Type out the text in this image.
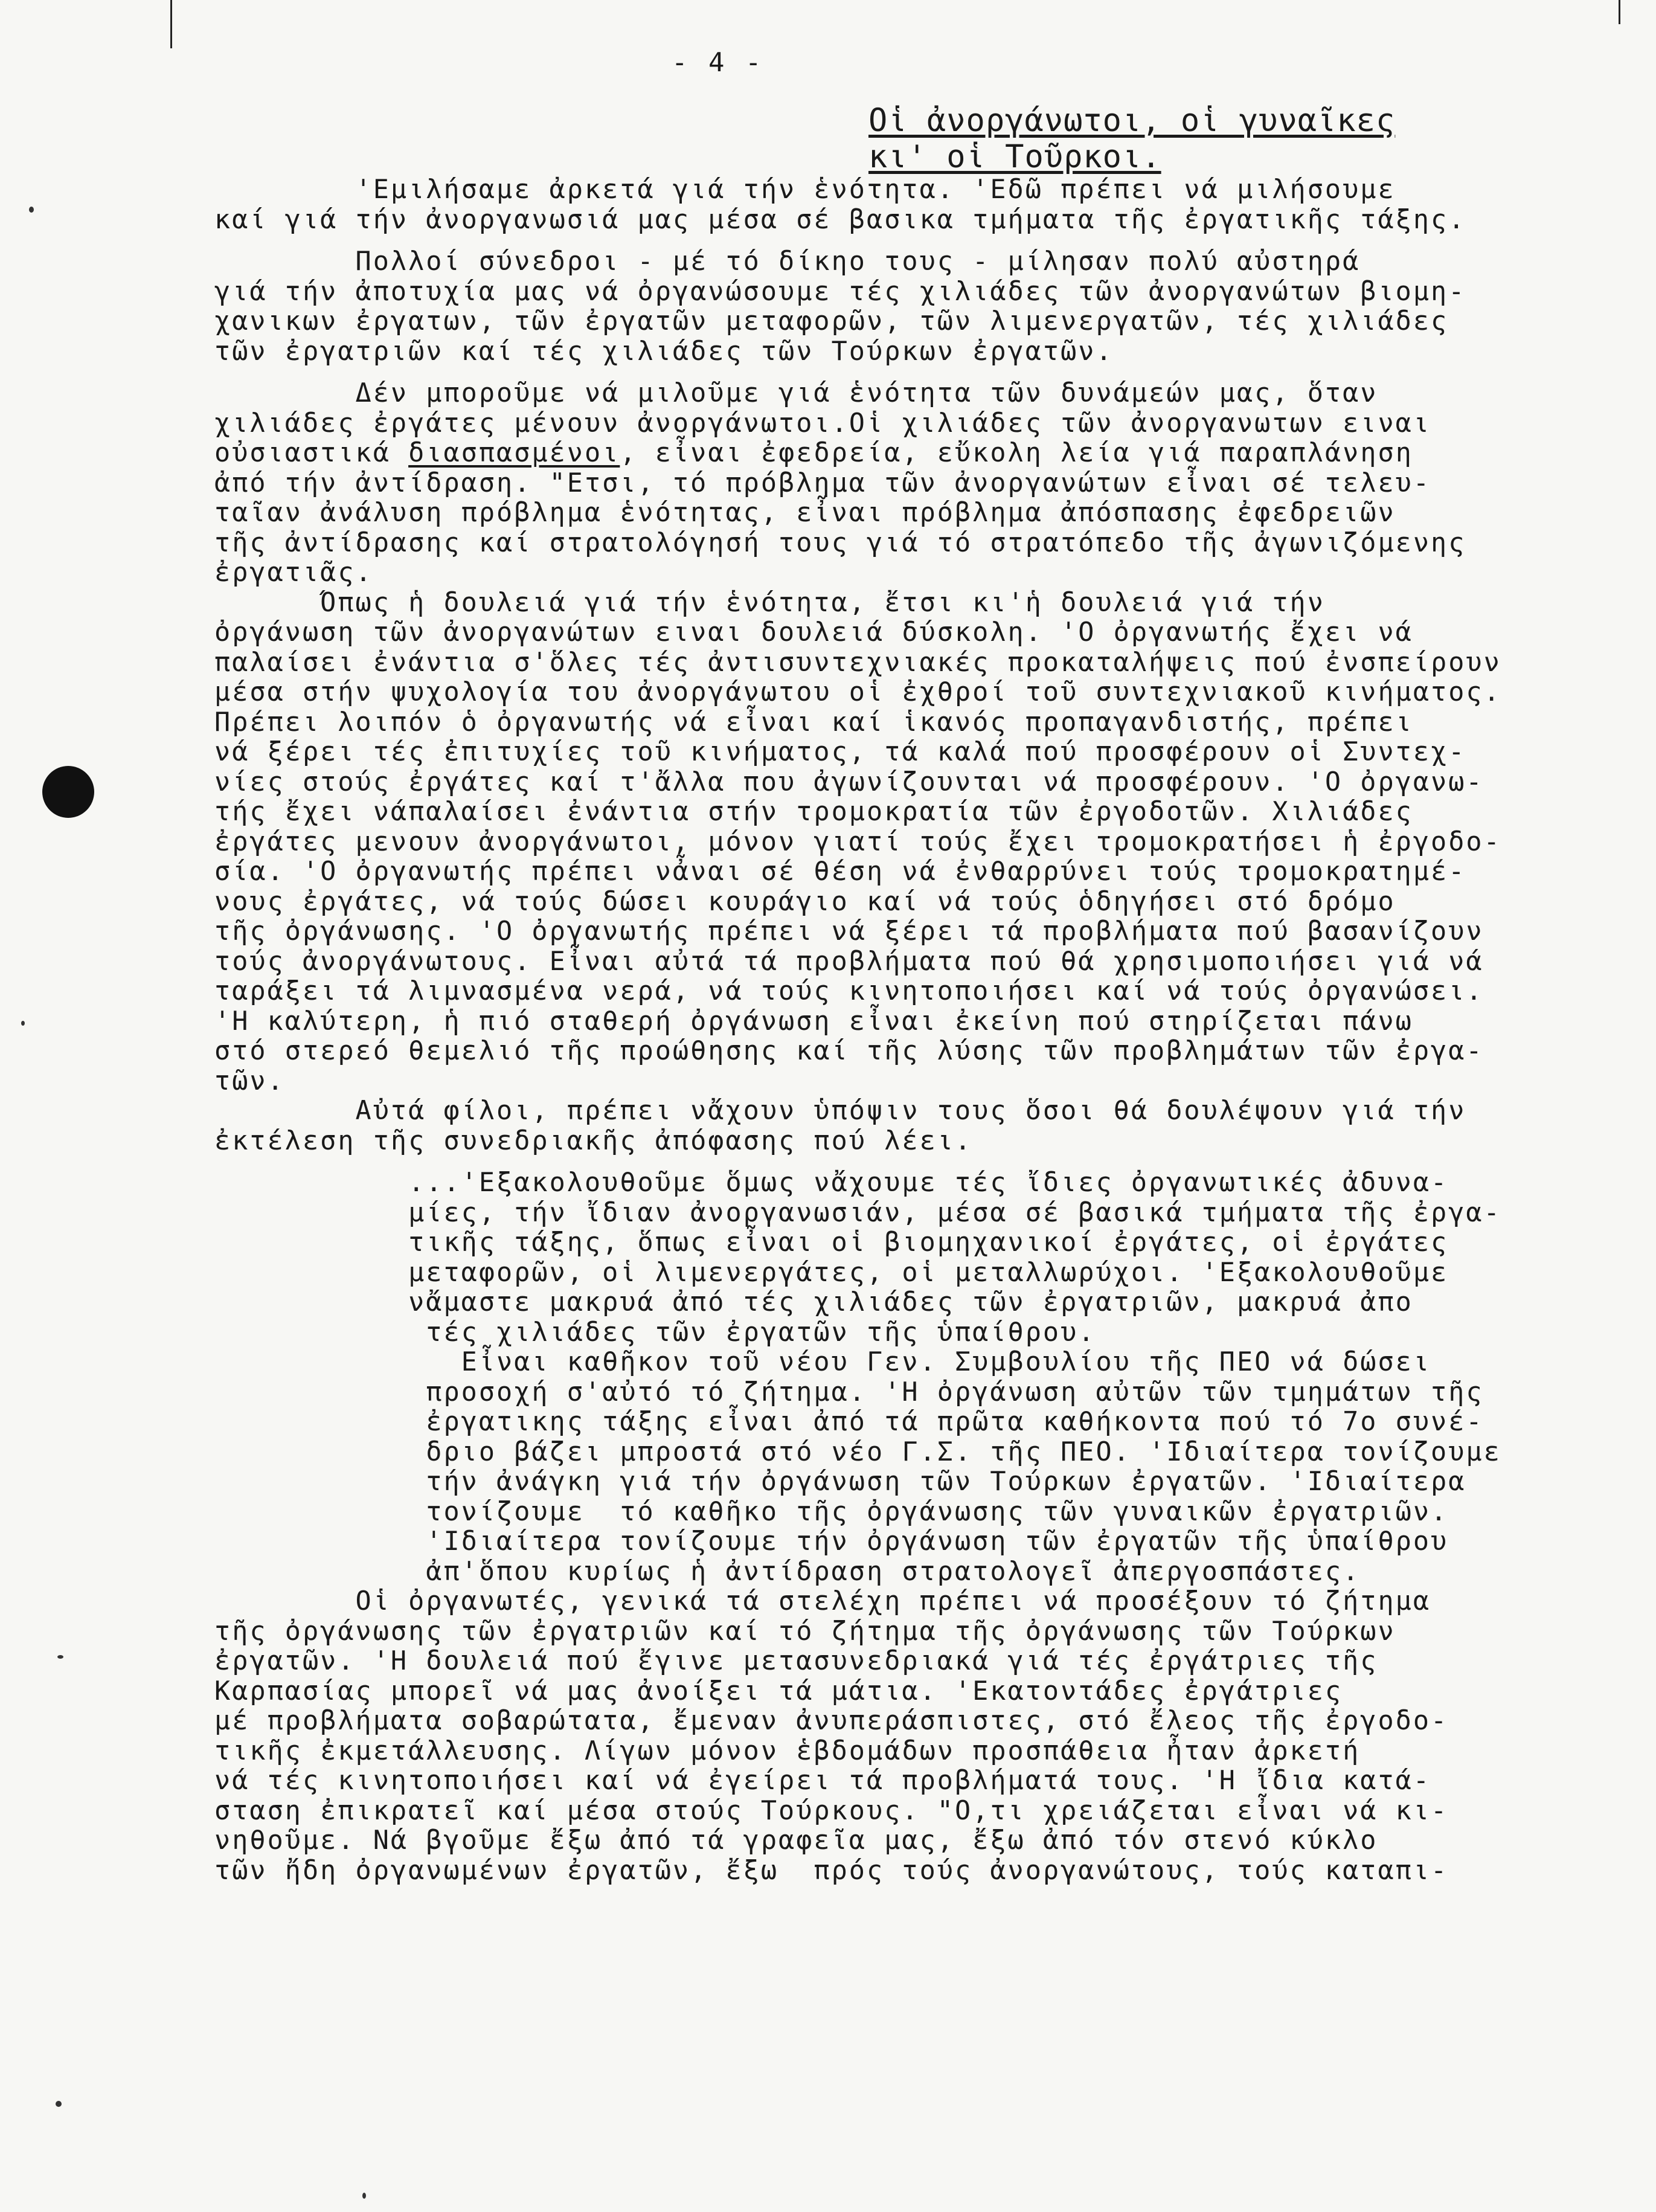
- 4 -
Οἱ ἀνοργάνωτοι, οἱ γυναῖκες
κι' οἱ Τοῦρκοι.
'Εμιλήσαμε ἀρκετά γιά τήν ἑνότητα. 'Εδῶ πρέπει νά μιλήσουμε
καί γιά τήν ἀνοργανωσιά μας μέσα σέ βασικα τμήματα τῆς ἐργατικῆς τάξης.

Πολλοί σύνεδροι - μέ τό δίκηο τους - μίλησαν πολύ αὐστηρά
γιά τήν ἀποτυχία μας νά ὀργανώσουμε τές χιλιάδες τῶν ἀνοργανώτων βιομη-
χανικων ἐργατων, τῶν ἐργατῶν μεταφορῶν, τῶν λιμενεργατῶν, τές χιλιάδες
τῶν ἐργατριῶν καί τές χιλιάδες τῶν Τούρκων ἐργατῶν.

Δέν μποροῦμε νά μιλοῦμε γιά ἑνότητα τῶν δυνάμεών μας, ὅταν
χιλιάδες ἐργάτες μένουν ἀνοργάνωτοι.Οἱ χιλιάδες τῶν ἀνοργανωτων ειναι
οὐσιαστικά διασπασμένοι, εἶναι ἐφεδρεία, εὔκολη λεία γιά παραπλάνηση
ἀπό τήν ἀντίδραση. "Ετσι, τό πρόβλημα τῶν ἀνοργανώτων εἶναι σέ τελευ-
ταῖαν ἀνάλυση πρόβλημα ἑνότητας, εἶναι πρόβλημα ἀπόσπασης ἐφεδρειῶν
τῆς ἀντίδρασης καί στρατολόγησή τους γιά τό στρατόπεδο τῆς ἀγωνιζόμενης
ἐργατιᾶς.
Όπως ἡ δουλειά γιά τήν ἑνότητα, ἔτσι κι'ἡ δουλειά γιά τήν
ὀργάνωση τῶν ἀνοργανώτων ειναι δουλειά δύσκολη. 'Ο ὀργανωτής ἔχει νά
παλαίσει ἐνάντια σ'ὅλες τές ἀντισυντεχνιακές προκαταλήψεις πού ἐνσπείρουν
μέσα στήν ψυχολογία του ἀνοργάνωτου οἱ ἐχθροί τοῦ συντεχνιακοῦ κινήματος.
Πρέπει λοιπόν ὁ ὀργανωτής νά εἶναι καί ἱκανός προπαγανδιστής, πρέπει
νά ξέρει τές ἐπιτυχίες τοῦ κινήματος, τά καλά πού προσφέρουν οἱ Συντεχ-
νίες στούς ἐργάτες καί τ'ἄλλα που ἀγωνίζουνται νά προσφέρουν. 'Ο ὀργανω-
τής ἔχει νάπαλαίσει ἐνάντια στήν τρομοκρατία τῶν ἐργοδοτῶν. Χιλιάδες
ἐργάτες μενουν ἀνοργάνωτοι, μόνον γιατί τούς ἔχει τρομοκρατήσει ἡ ἐργοδο-
σία. 'Ο ὀργανωτής πρέπει νἆναι σέ θέση νά ἐνθαρρύνει τούς τρομοκρατημέ-
νους ἐργάτες, νά τούς δώσει κουράγιο καί νά τούς ὁδηγήσει στό δρόμο
τῆς ὀργάνωσης. 'Ο ὀργανωτής πρέπει νά ξέρει τά προβλήματα πού βασανίζουν
τούς ἀνοργάνωτους. Εἶναι αὐτά τά προβλήματα πού θά χρησιμοποιήσει γιά νά
ταράξει τά λιμνασμένα νερά, νά τούς κινητοποιήσει καί νά τούς ὀργανώσει.
'Η καλύτερη, ἡ πιό σταθερή ὀργάνωση εἶναι ἐκείνη πού στηρίζεται πάνω
στό στερεό θεμελιό τῆς προώθησης καί τῆς λύσης τῶν προβλημάτων τῶν ἐργα-
τῶν.
Αὐτά φίλοι, πρέπει νἄχουν ὑπόψιν τους ὅσοι θά δουλέψουν γιά τήν
ἐκτέλεση τῆς συνεδριακῆς ἀπόφασης πού λέει.

...'Εξακολουθοῦμε ὅμως νἄχουμε τές ἴδιες ὀργανωτικές ἀδυνα-
μίες, τήν ἴδιαν ἀνοργανωσιάν, μέσα σέ βασικά τμήματα τῆς ἐργα-
τικῆς τάξης, ὅπως εἶναι οἱ βιομηχανικοί ἐργάτες, οἱ ἐργάτες
μεταφορῶν, οἱ λιμενεργάτες, οἱ μεταλλωρύχοι. 'Εξακολουθοῦμε
νἄμαστε μακρυά ἀπό τές χιλιάδες τῶν ἐργατριῶν, μακρυά ἀπο
τές χιλιάδες τῶν ἐργατῶν τῆς ὑπαίθρου.
Εἶναι καθῆκον τοῦ νέου Γεν. Συμβουλίου τῆς ΠΕΟ νά δώσει
προσοχή σ'αὐτό τό ζήτημα. 'Η ὀργάνωση αὐτῶν τῶν τμημάτων τῆς
ἐργατικης τάξης εἶναι ἀπό τά πρῶτα καθήκοντα πού τό 7ο συνέ-
δριο βάζει μπροστά στό νέο Γ.Σ. τῆς ΠΕΟ. 'Ιδιαίτερα τονίζουμε
τήν ἀνάγκη γιά τήν ὀργάνωση τῶν Τούρκων ἐργατῶν. 'Ιδιαίτερα
τονίζουμε  τό καθῆκο τῆς ὀργάνωσης τῶν γυναικῶν ἐργατριῶν.
'Ιδιαίτερα τονίζουμε τήν ὀργάνωση τῶν ἐργατῶν τῆς ὑπαίθρου
ἀπ'ὅπου κυρίως ἡ ἀντίδραση στρατολογεῖ ἀπεργοσπάστες.
Οἱ ὀργανωτές, γενικά τά στελέχη πρέπει νά προσέξουν τό ζήτημα
τῆς ὀργάνωσης τῶν ἐργατριῶν καί τό ζήτημα τῆς ὀργάνωσης τῶν Τούρκων
ἐργατῶν. 'Η δουλειά πού ἔγινε μετασυνεδριακά γιά τές ἐργάτριες τῆς
Καρπασίας μπορεῖ νά μας ἀνοίξει τά μάτια. 'Εκατοντάδες ἐργάτριες
μέ προβλήματα σοβαρώτατα, ἔμεναν ἀνυπεράσπιστες, στό ἔλεος τῆς ἐργοδο-
τικῆς ἐκμετάλλευσης. Λίγων μόνον ἑβδομάδων προσπάθεια ἦταν ἀρκετή
νά τές κινητοποιήσει καί νά ἐγείρει τά προβλήματά τους. 'Η ἴδια κατά-
σταση ἐπικρατεῖ καί μέσα στούς Τούρκους. "Ο,τι χρειάζεται εἶναι νά κι-
νηθοῦμε. Νά βγοῦμε ἔξω ἀπό τά γραφεῖα μας, ἔξω ἀπό τόν στενό κύκλο
τῶν ἤδη ὀργανωμένων ἐργατῶν, ἔξω  πρός τούς ἀνοργανώτους, τούς καταπι-
